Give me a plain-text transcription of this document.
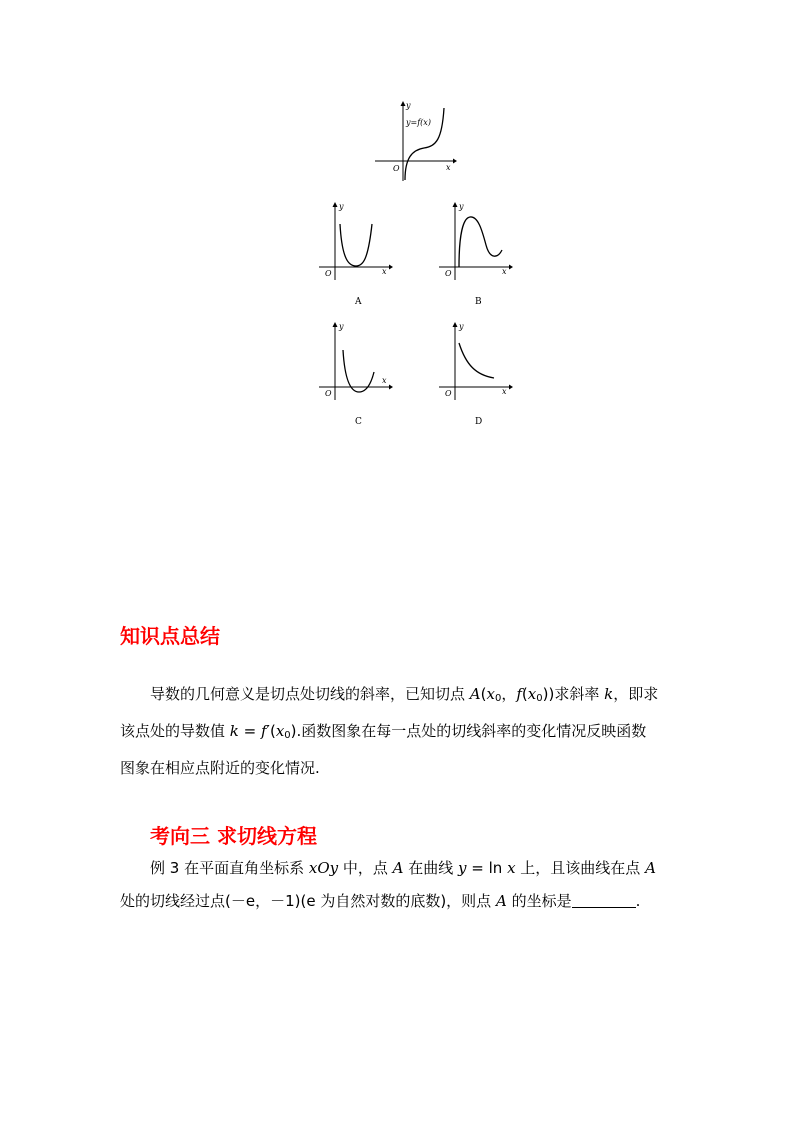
y
x
O
y=f(x)
y
x
O
A
y
x
O
B
y
x
O
C
y
x
O
D
知识点总结
导数的几何意义是切点处切线的斜率，已知切点 $A(x_0$，$f(x_0)$)求斜率 k，即求
该点处的导数值 $k = f'(x_0)$.函数图象在每一点处的切线斜率的变化情况反映函数
图象在相应点附近的变化情况.
考向三 求切线方程
例 3 在平面直角坐标系 xOy 中，点 A 在曲线 y = ln x 上，且该曲线在点 A
处的切线经过点(－e，－1)(e 为自然对数的底数)，则点 A 的坐标是	.
